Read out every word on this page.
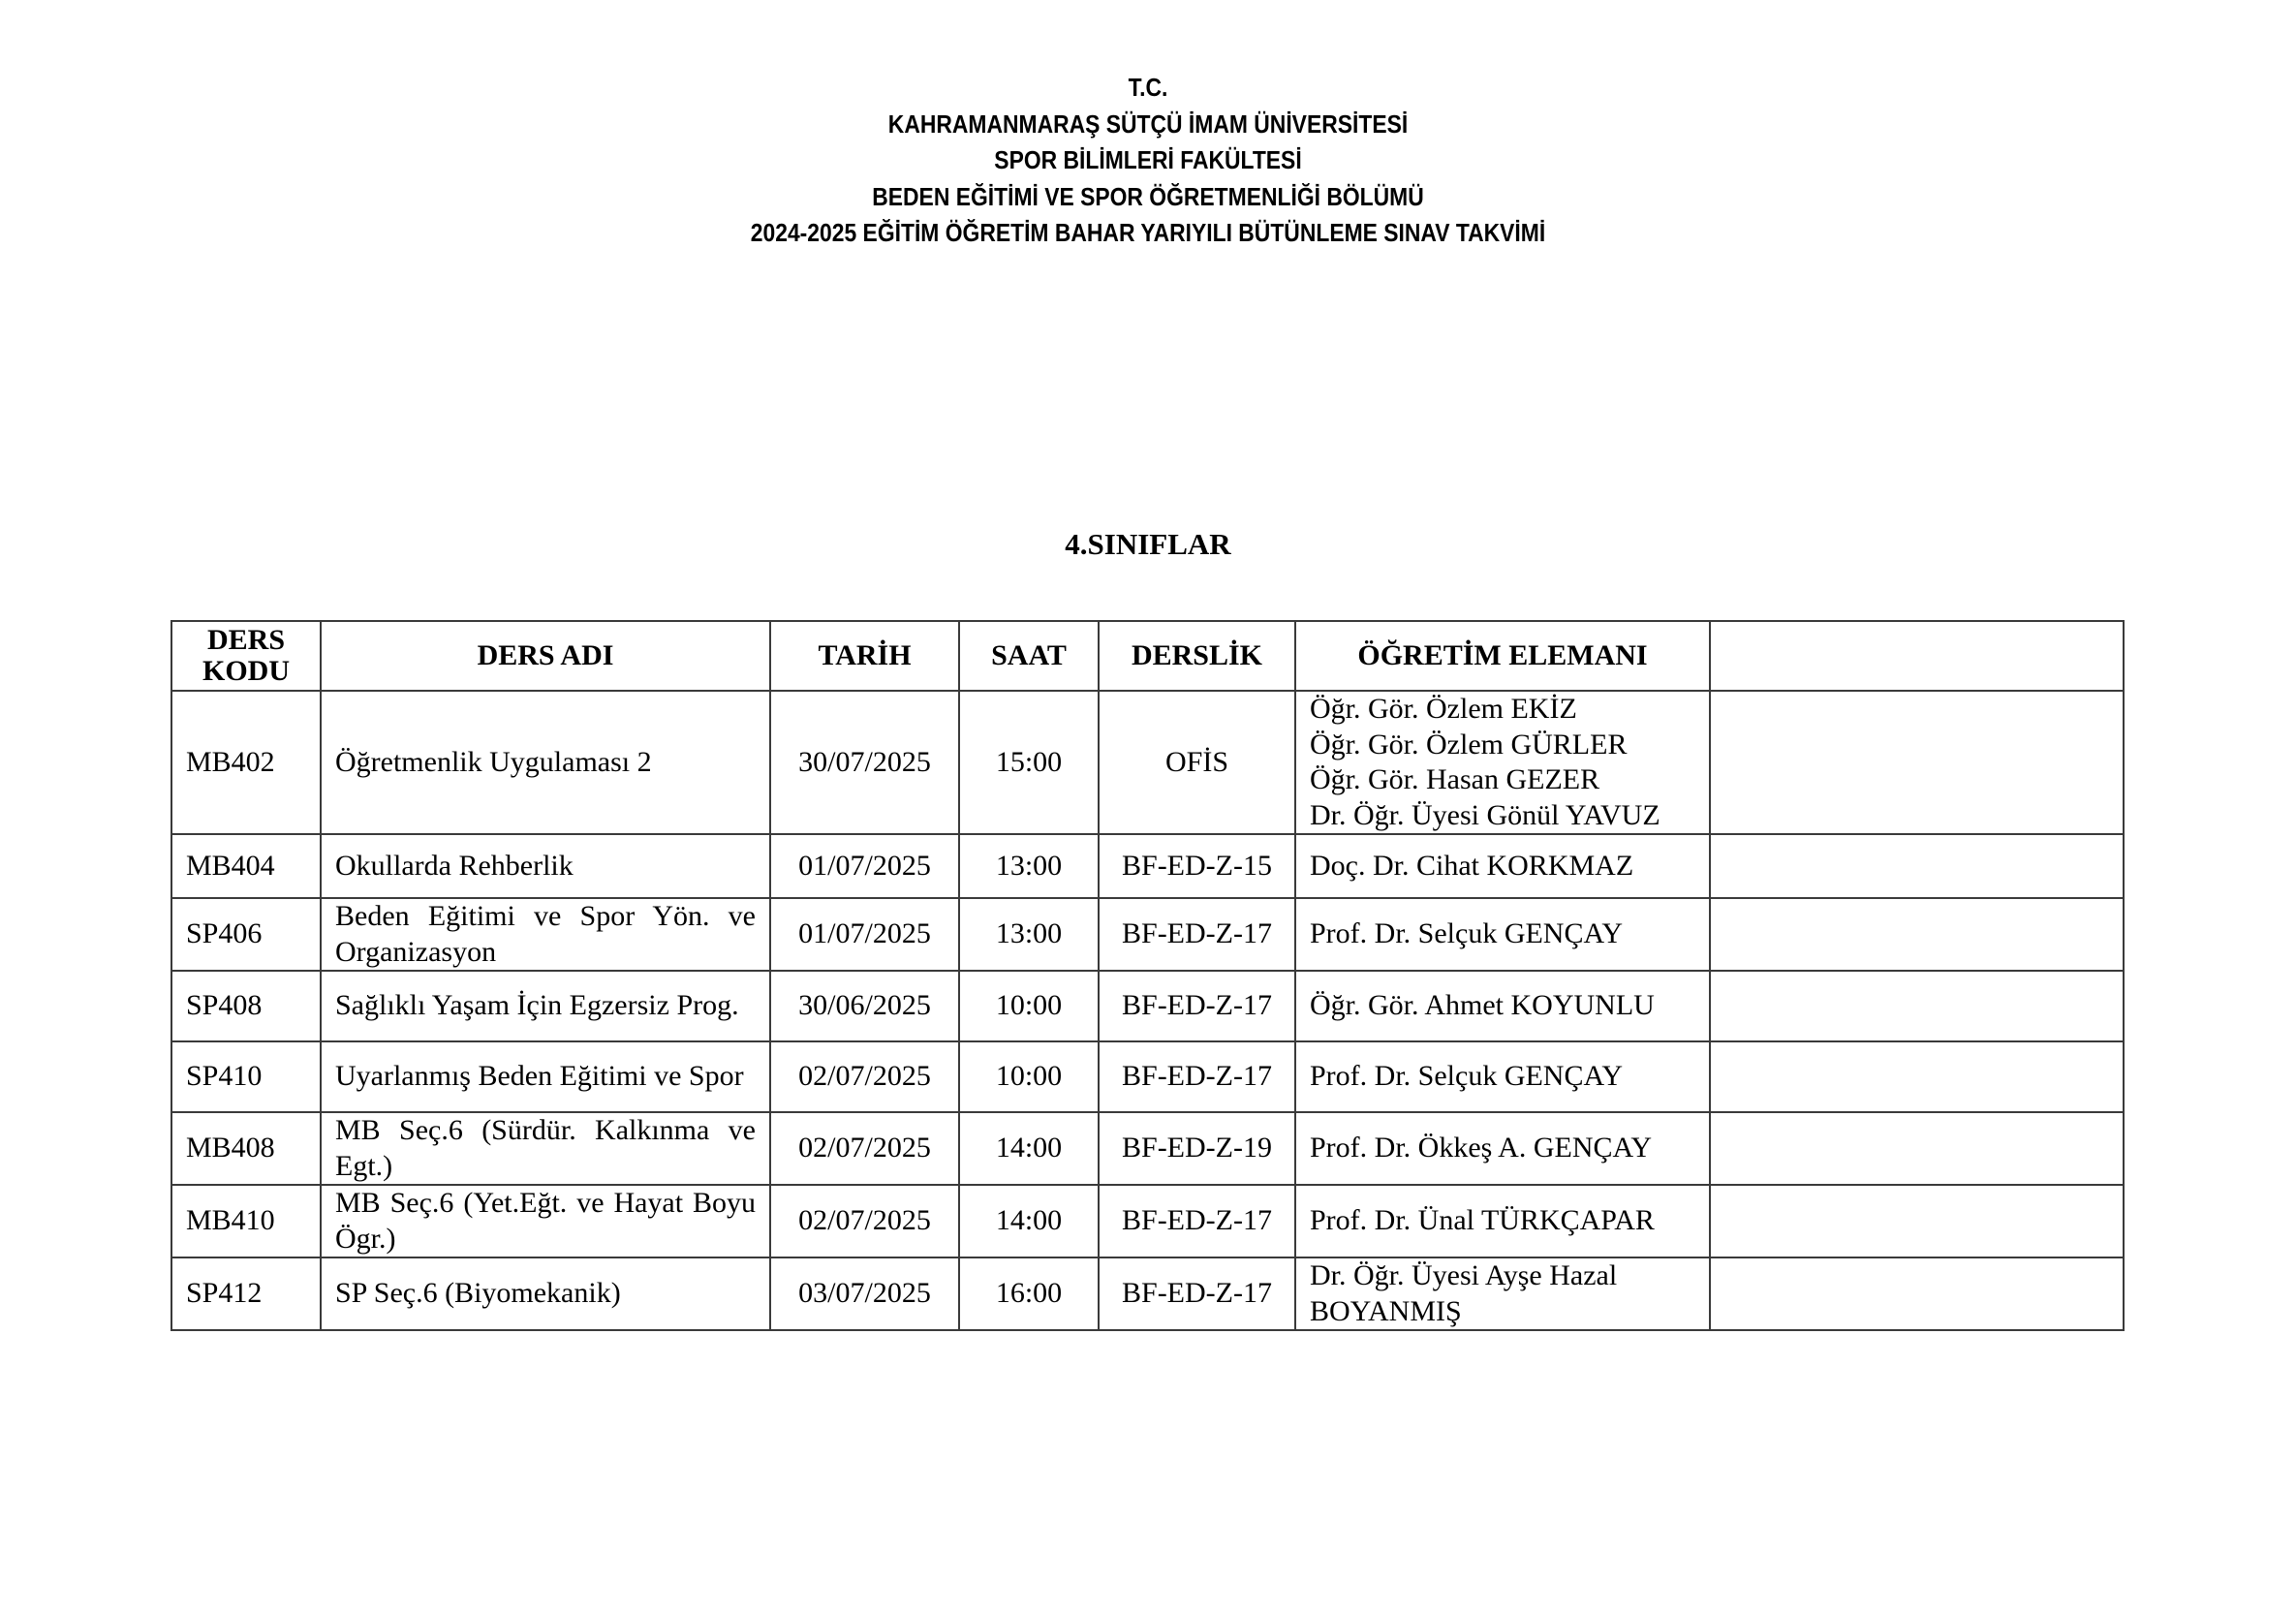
T.C.
KAHRAMANMARAŞ SÜTÇÜ İMAM ÜNİVERSİTESİ
SPOR BİLİMLERİ FAKÜLTESİ
BEDEN EĞİTİMİ VE SPOR ÖĞRETMENLİĞİ BÖLÜMÜ
2024-2025 EĞİTİM ÖĞRETİM BAHAR YARIYILI BÜTÜNLEME SINAV TAKVİMİ
4.SINIFLAR
DERS KODU	DERS ADI	TARİH	SAAT	DERSLİK	ÖĞRETİM ELEMANI	
MB402	Öğretmenlik Uygulaması 2	30/07/2025	15:00	OFİS	Öğr. Gör. Özlem EKİZ
Öğr. Gör. Özlem GÜRLER
Öğr. Gör. Hasan GEZER
Dr. Öğr. Üyesi Gönül YAVUZ	

MB404	Okullarda Rehberlik	01/07/2025	13:00	BF-ED-Z-15	Doç. Dr. Cihat KORKMAZ	

SP406	Beden Eğitimi ve Spor Yön. ve Organizasyon	01/07/2025	13:00	BF-ED-Z-17	Prof. Dr. Selçuk GENÇAY	

SP408	Sağlıklı Yaşam İçin Egzersiz Prog.	30/06/2025	10:00	BF-ED-Z-17	Öğr. Gör. Ahmet KOYUNLU	

SP410	Uyarlanmış Beden Eğitimi ve Spor	02/07/2025	10:00	BF-ED-Z-17	Prof. Dr. Selçuk GENÇAY	

MB408	MB Seç.6 (Sürdür. Kalkınma ve Egt.)	02/07/2025	14:00	BF-ED-Z-19	Prof. Dr. Ökkeş A. GENÇAY	

MB410	MB Seç.6 (Yet.Eğt. ve Hayat Boyu Ögr.)	02/07/2025	14:00	BF-ED-Z-17	Prof. Dr. Ünal TÜRKÇAPAR	

SP412	SP Seç.6 (Biyomekanik)	03/07/2025	16:00	BF-ED-Z-17	Dr. Öğr. Üyesi Ayşe Hazal BOYANMIŞ	
